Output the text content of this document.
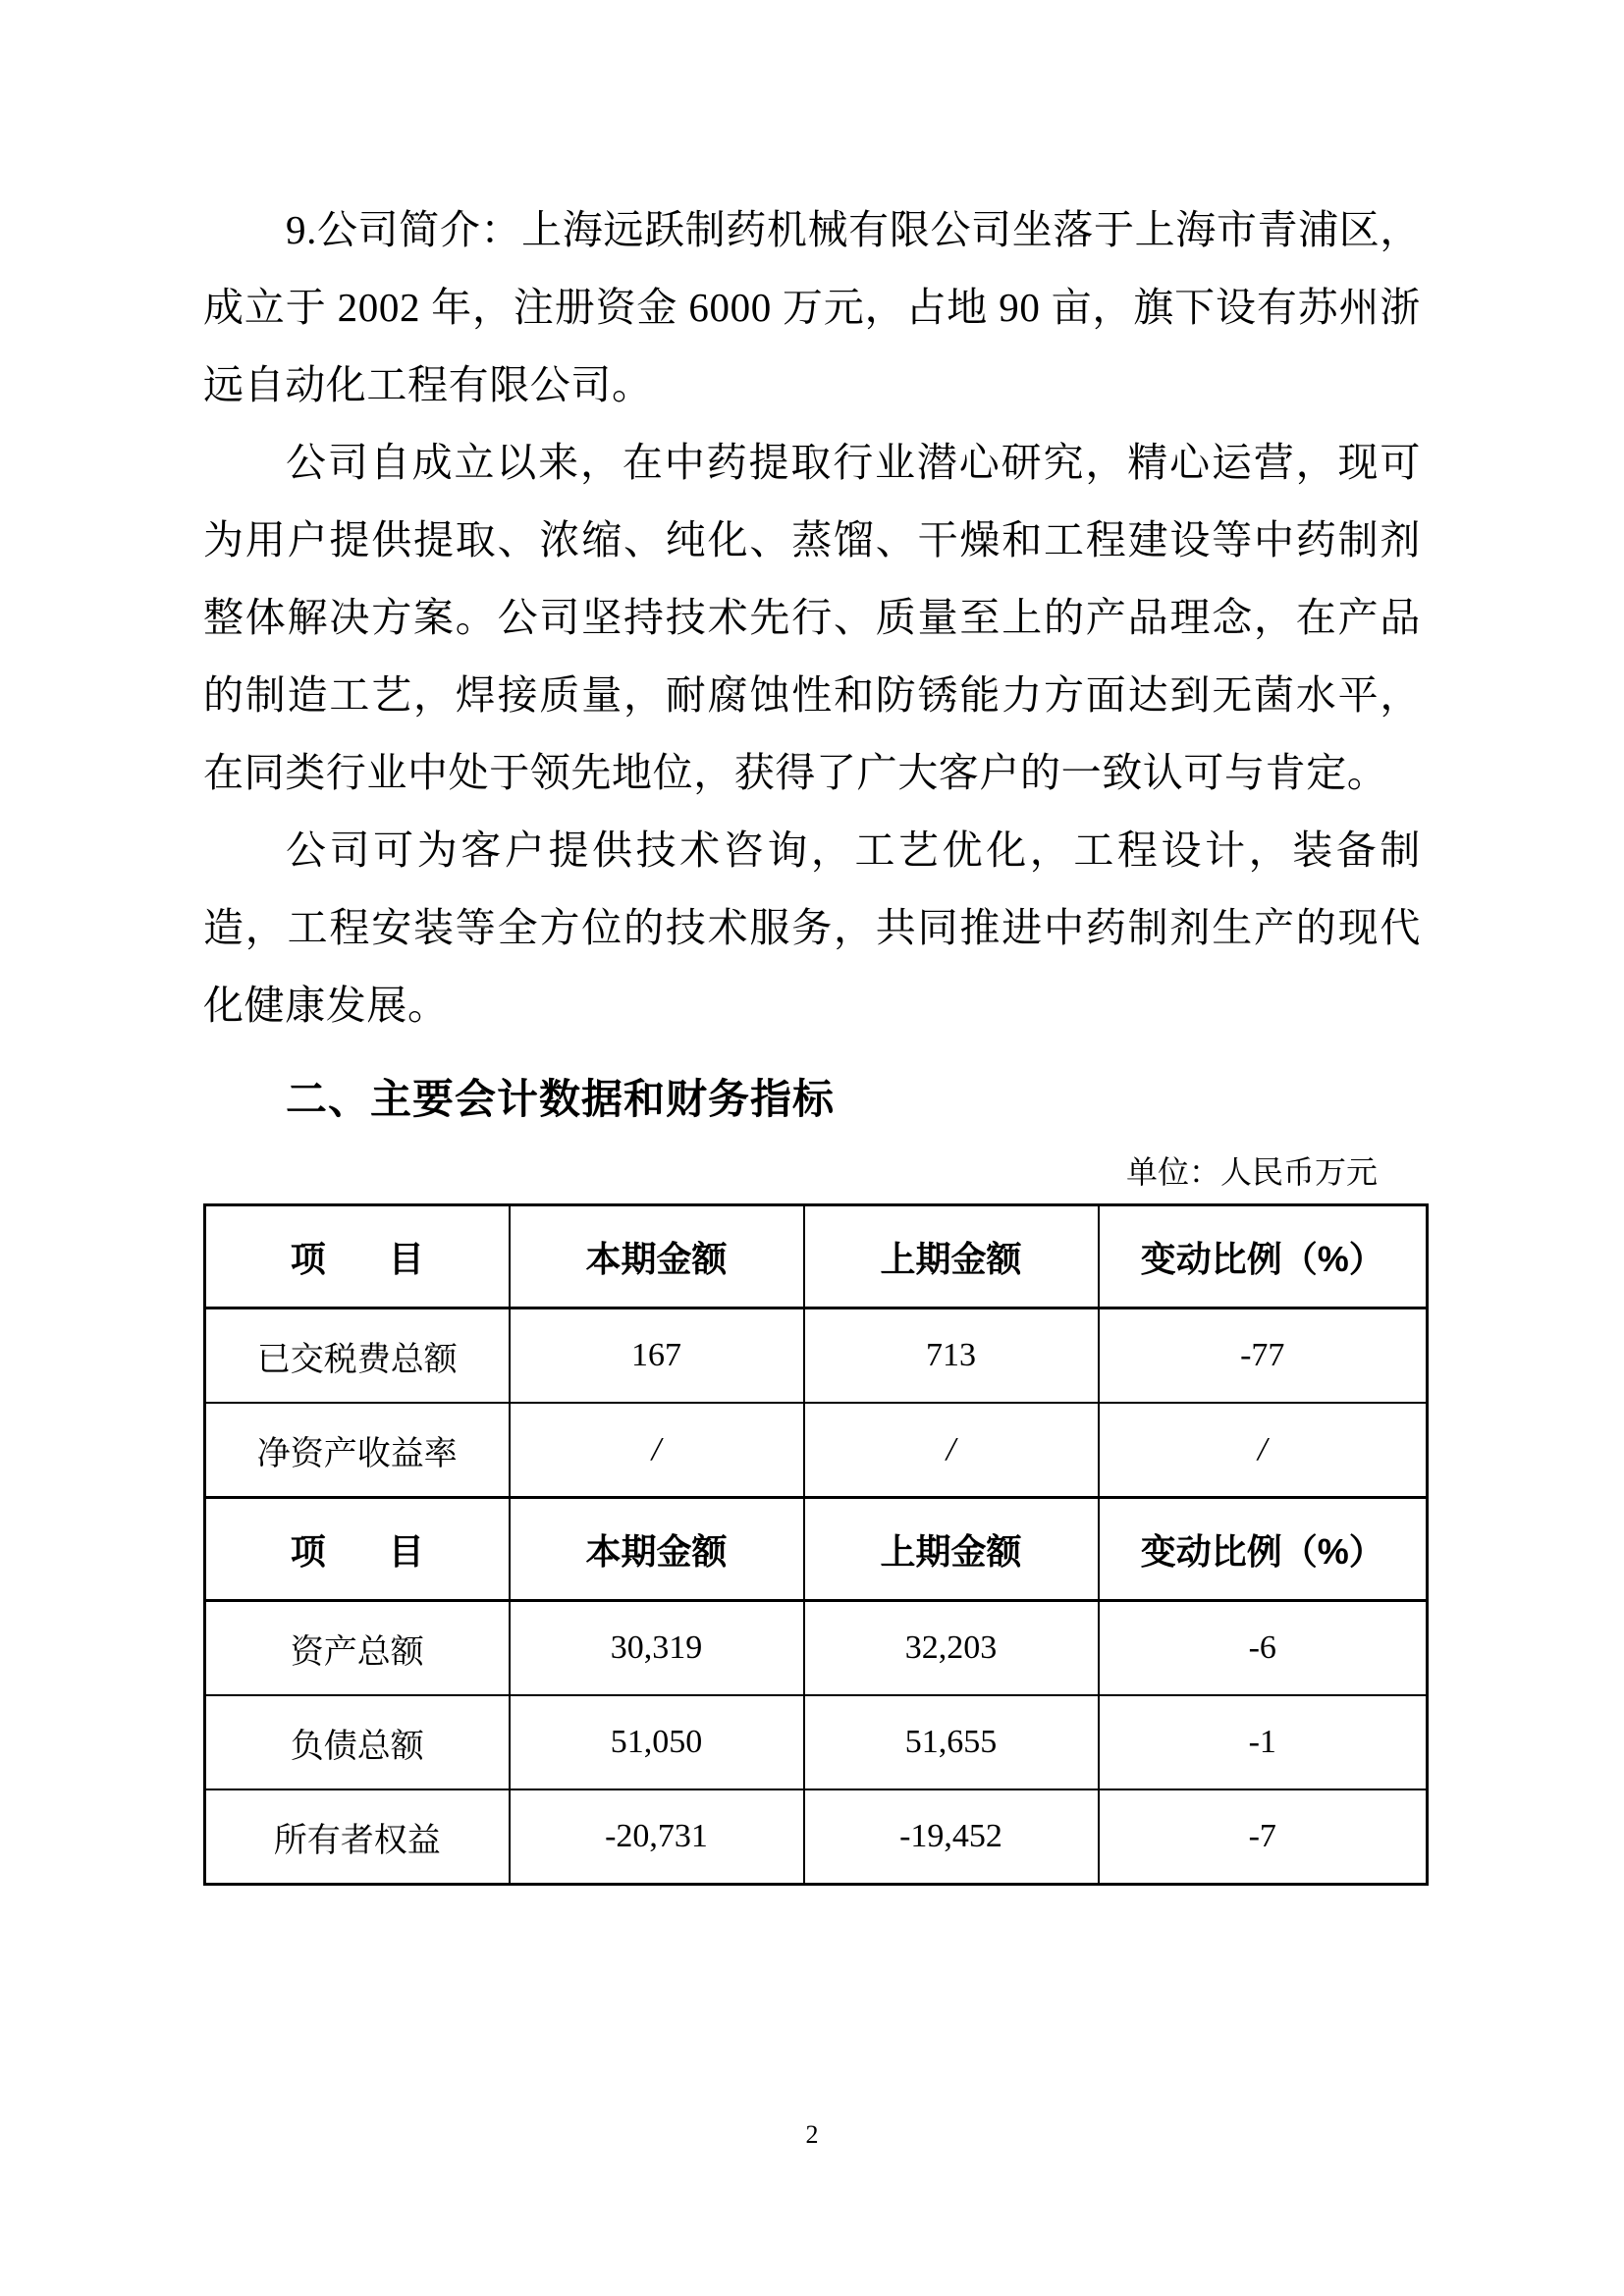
9.公司简介：上海远跃制药机械有限公司坐落于上海市青浦区，成立于 2002 年，注册资金 6000 万元，占地 90 亩，旗下设有苏州浙远自动化工程有限公司。

公司自成立以来，在中药提取行业潜心研究，精心运营，现可为用户提供提取、浓缩、纯化、蒸馏、干燥和工程建设等中药制剂整体解决方案。公司坚持技术先行、质量至上的产品理念，在产品的制造工艺，焊接质量，耐腐蚀性和防锈能力方面达到无菌水平，在同类行业中处于领先地位，获得了广大客户的一致认可与肯定。

公司可为客户提供技术咨询，工艺优化，工程设计，装备制造，工程安装等全方位的技术服务，共同推进中药制剂生产的现代化健康发展。

二、主要会计数据和财务指标
单位：人民币万元
项　目	本期金额	上期金额	变动比例（%）
已交税费总额	167	713	-77
净资产收益率	/	/	/
项　目	本期金额	上期金额	变动比例（%）
资产总额	30,319	32,203	-6
负债总额	51,050	51,655	-1
所有者权益	-20,731	-19,452	-7
2
